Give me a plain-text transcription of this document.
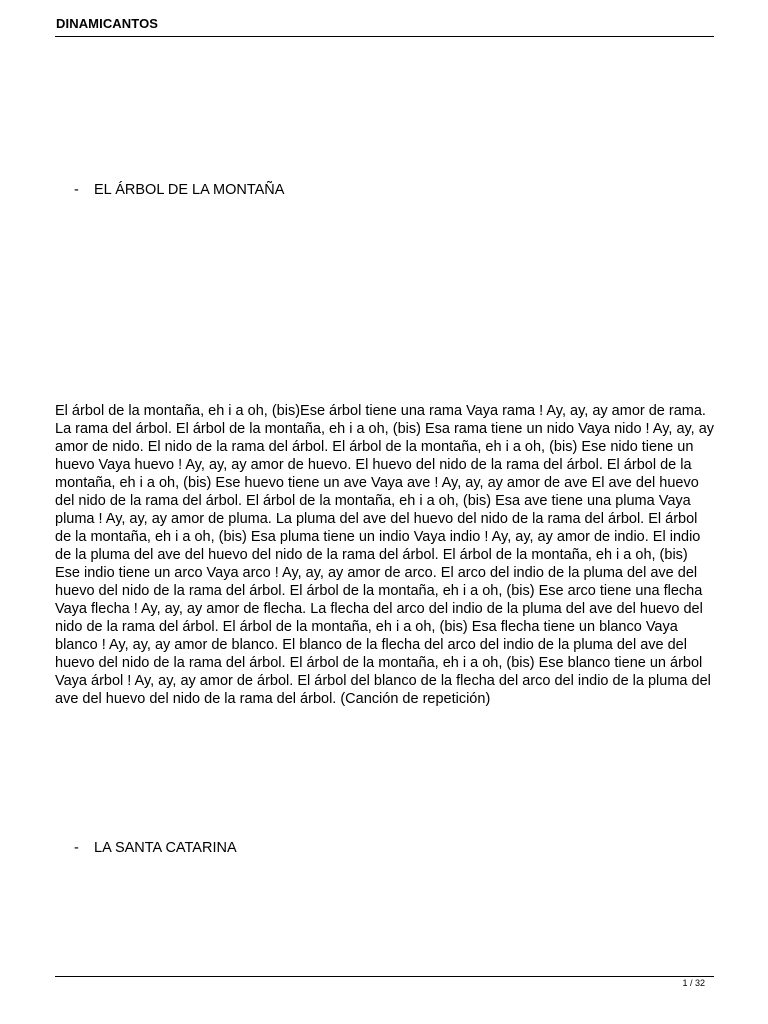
DINAMICANTOS
- EL ÁRBOL DE LA MONTAÑA

El árbol de la montaña, eh i a oh, (bis)Ese árbol tiene una rama Vaya rama ! Ay, ay, ay amor de rama. La rama del árbol. El árbol de la montaña, eh i a oh, (bis) Esa rama tiene un nido Vaya nido ! Ay, ay, ay amor de nido. El nido de la rama del árbol. El árbol de la montaña, eh i a oh, (bis) Ese nido tiene un huevo Vaya huevo ! Ay, ay, ay amor de huevo. El huevo del nido de la rama del árbol. El árbol de la montaña, eh i a oh, (bis) Ese huevo tiene un ave Vaya ave ! Ay, ay, ay amor de ave El ave del huevo del nido de la rama del árbol. El árbol de la montaña, eh i a oh, (bis) Esa ave tiene una pluma Vaya pluma ! Ay, ay, ay amor de pluma. La pluma del ave del huevo del nido de la rama del árbol. El árbol de la montaña, eh i a oh, (bis) Esa pluma tiene un indio Vaya indio ! Ay, ay, ay amor de indio. El indio de la pluma del ave del huevo del nido de la rama del árbol. El árbol de la montaña, eh i a oh, (bis) Ese indio tiene un arco Vaya arco ! Ay, ay, ay amor de arco. El arco del indio de la pluma del ave del huevo del nido de la rama del árbol. El árbol de la montaña, eh i a oh, (bis) Ese arco tiene una flecha Vaya flecha ! Ay, ay, ay amor de flecha. La flecha del arco del indio de la pluma del ave del huevo del nido de la rama del árbol. El árbol de la montaña, eh i a oh, (bis) Esa flecha tiene un blanco Vaya blanco ! Ay, ay, ay amor de blanco. El blanco de la flecha del arco del indio de la pluma del ave del huevo del nido de la rama del árbol. El árbol de la montaña, eh i a oh, (bis) Ese blanco tiene un árbol Vaya árbol ! Ay, ay, ay amor de árbol. El árbol del blanco de la flecha del arco del indio de la pluma del ave del huevo del nido de la rama del árbol. (Canción de repetición)

- LA SANTA CATARINA
1 / 32
